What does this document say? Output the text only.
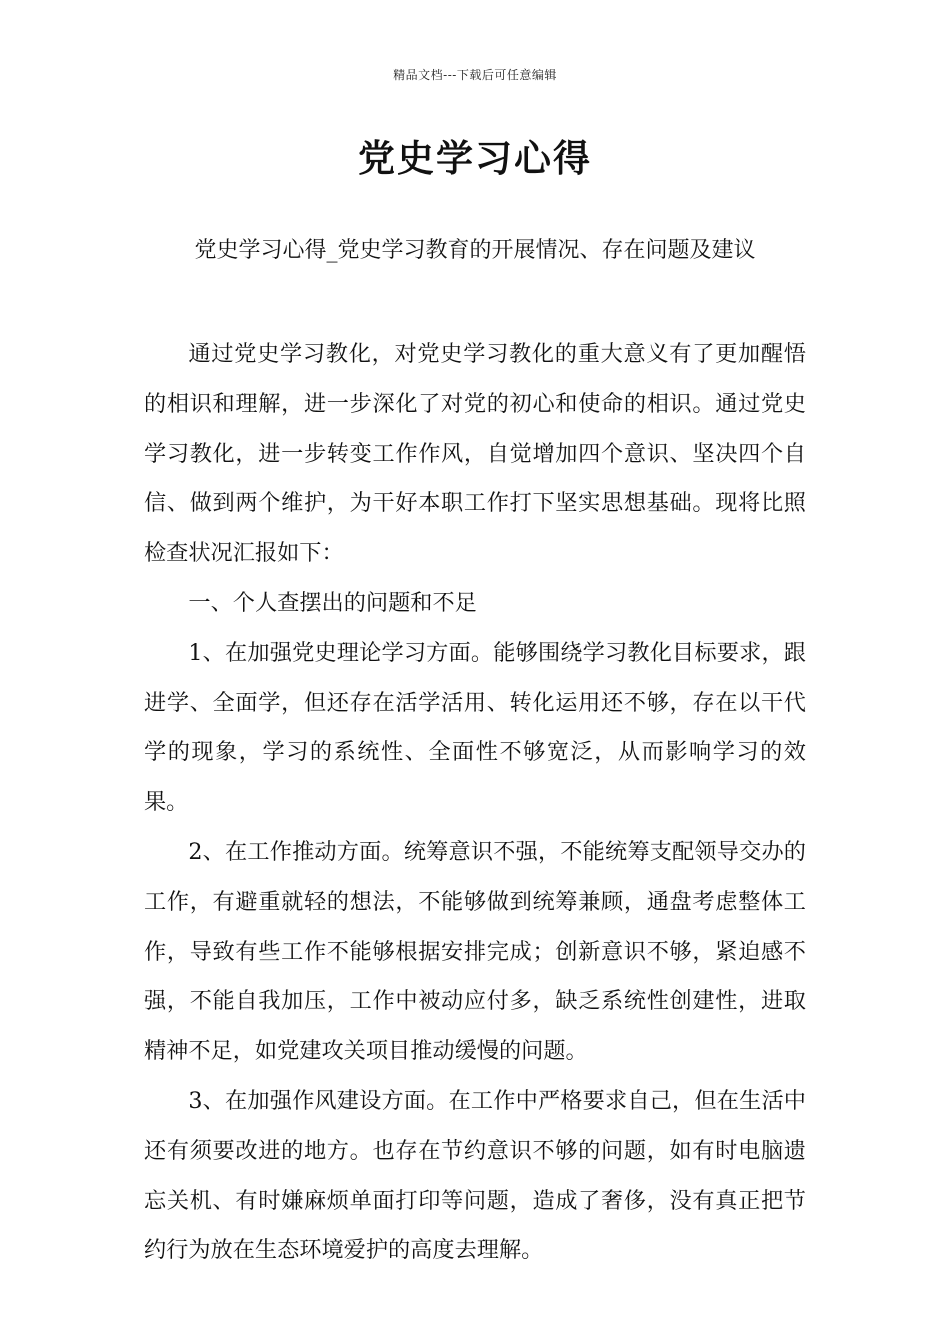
精品文档---下载后可任意编辑
党史学习心得
党史学习心得_党史学习教育的开展情况、存在问题及建议

通过党史学习教化，对党史学习教化的重大意义有了更加醒悟的相识和理解，进一步深化了对党的初心和使命的相识。通过党史学习教化，进一步转变工作作风，自觉增加四个意识、坚决四个自信、做到两个维护，为干好本职工作打下坚实思想基础。现将比照检查状况汇报如下：

一、个人查摆出的问题和不足

1、在加强党史理论学习方面。能够围绕学习教化目标要求，跟进学、全面学，但还存在活学活用、转化运用还不够，存在以干代学的现象，学习的系统性、全面性不够宽泛，从而影响学习的效果。

2、在工作推动方面。统筹意识不强，不能统筹支配领导交办的工作，有避重就轻的想法，不能够做到统筹兼顾，通盘考虑整体工作，导致有些工作不能够根据安排完成；创新意识不够，紧迫感不强，不能自我加压，工作中被动应付多，缺乏系统性创建性，进取精神不足，如党建攻关项目推动缓慢的问题。

3、在加强作风建设方面。在工作中严格要求自己，但在生活中还有须要改进的地方。也存在节约意识不够的问题，如有时电脑遗忘关机、有时嫌麻烦单面打印等问题，造成了奢侈，没有真正把节约行为放在生态环境爱护的高度去理解。
